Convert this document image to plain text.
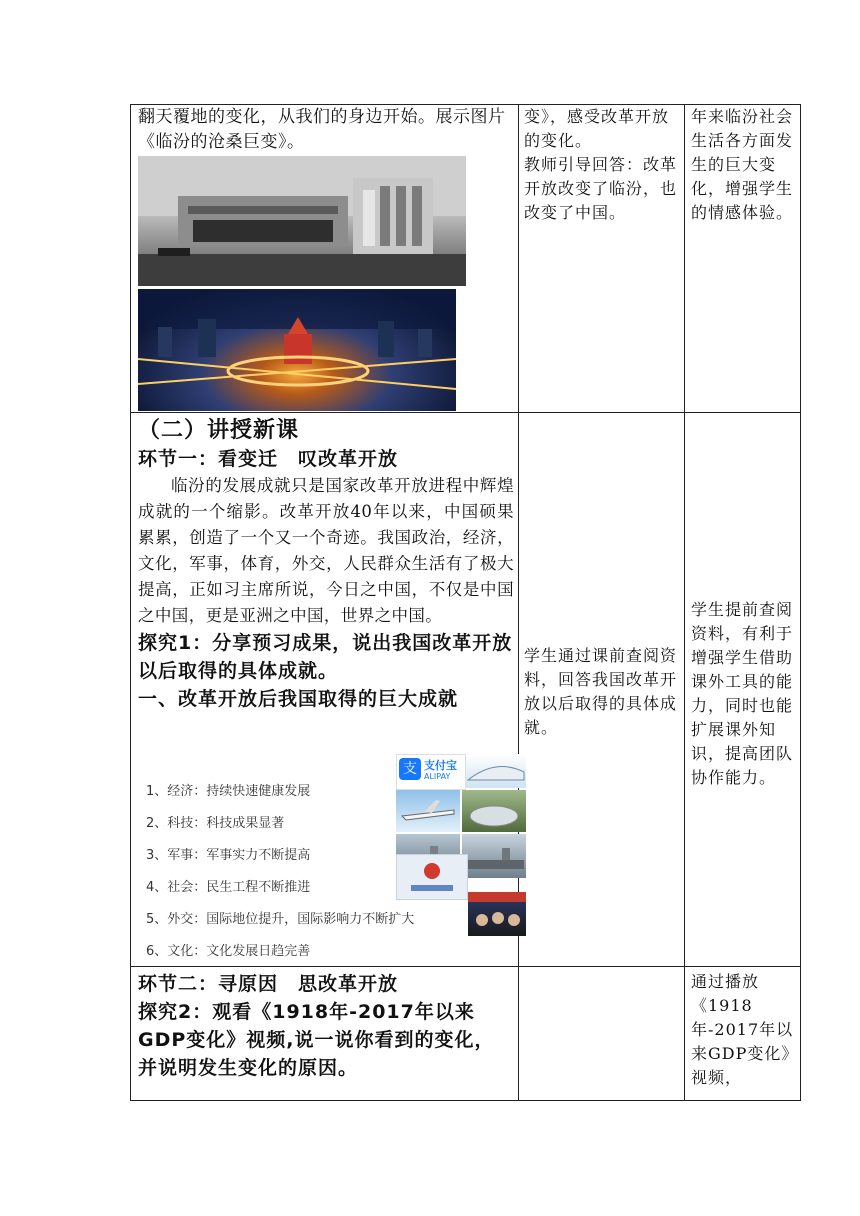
翻天覆地的变化，从我们的身边开始。展示图片《临汾的沧桑巨变》。
变》，感受改革开放的变化。
教师引导回答：改革开放改变了临汾，也改变了中国。
年来临汾社会生活各方面发生的巨大变化，增强学生的情感体验。
（二）讲授新课
环节一：看变迁　叹改革开放
临汾的发展成就只是国家改革开放进程中辉煌成就的一个缩影。改革开放40年以来，中国硕果累累，创造了一个又一个奇迹。我国政治，经济，文化，军事，体育，外交，人民群众生活有了极大提高，正如习主席所说，今日之中国，不仅是中国之中国，更是亚洲之中国，世界之中国。
探究1：分享预习成果，说出我国改革开放以后取得的具体成就。
一、改革开放后我国取得的巨大成就
1、经济：持续快速健康发展
2、科技：科技成果显著
3、军事：军事实力不断提高
4、社会：民生工程不断推进
5、外交：国际地位提升，国际影响力不断扩大
6、文化：文化发展日趋完善
支 支付宝
ALIPAY
学生通过课前查阅资料，回答我国改革开放以后取得的具体成就。
学生提前查阅资料，有利于增强学生借助课外工具的能力，同时也能扩展课外知识，提高团队协作能力。
环节二：寻原因　思改革开放
探究2：观看《1918年-2017年以来GDP变化》视频,说一说你看到的变化，并说明发生变化的原因。
通过播放《1918年-2017年以来GDP变化》视频，
